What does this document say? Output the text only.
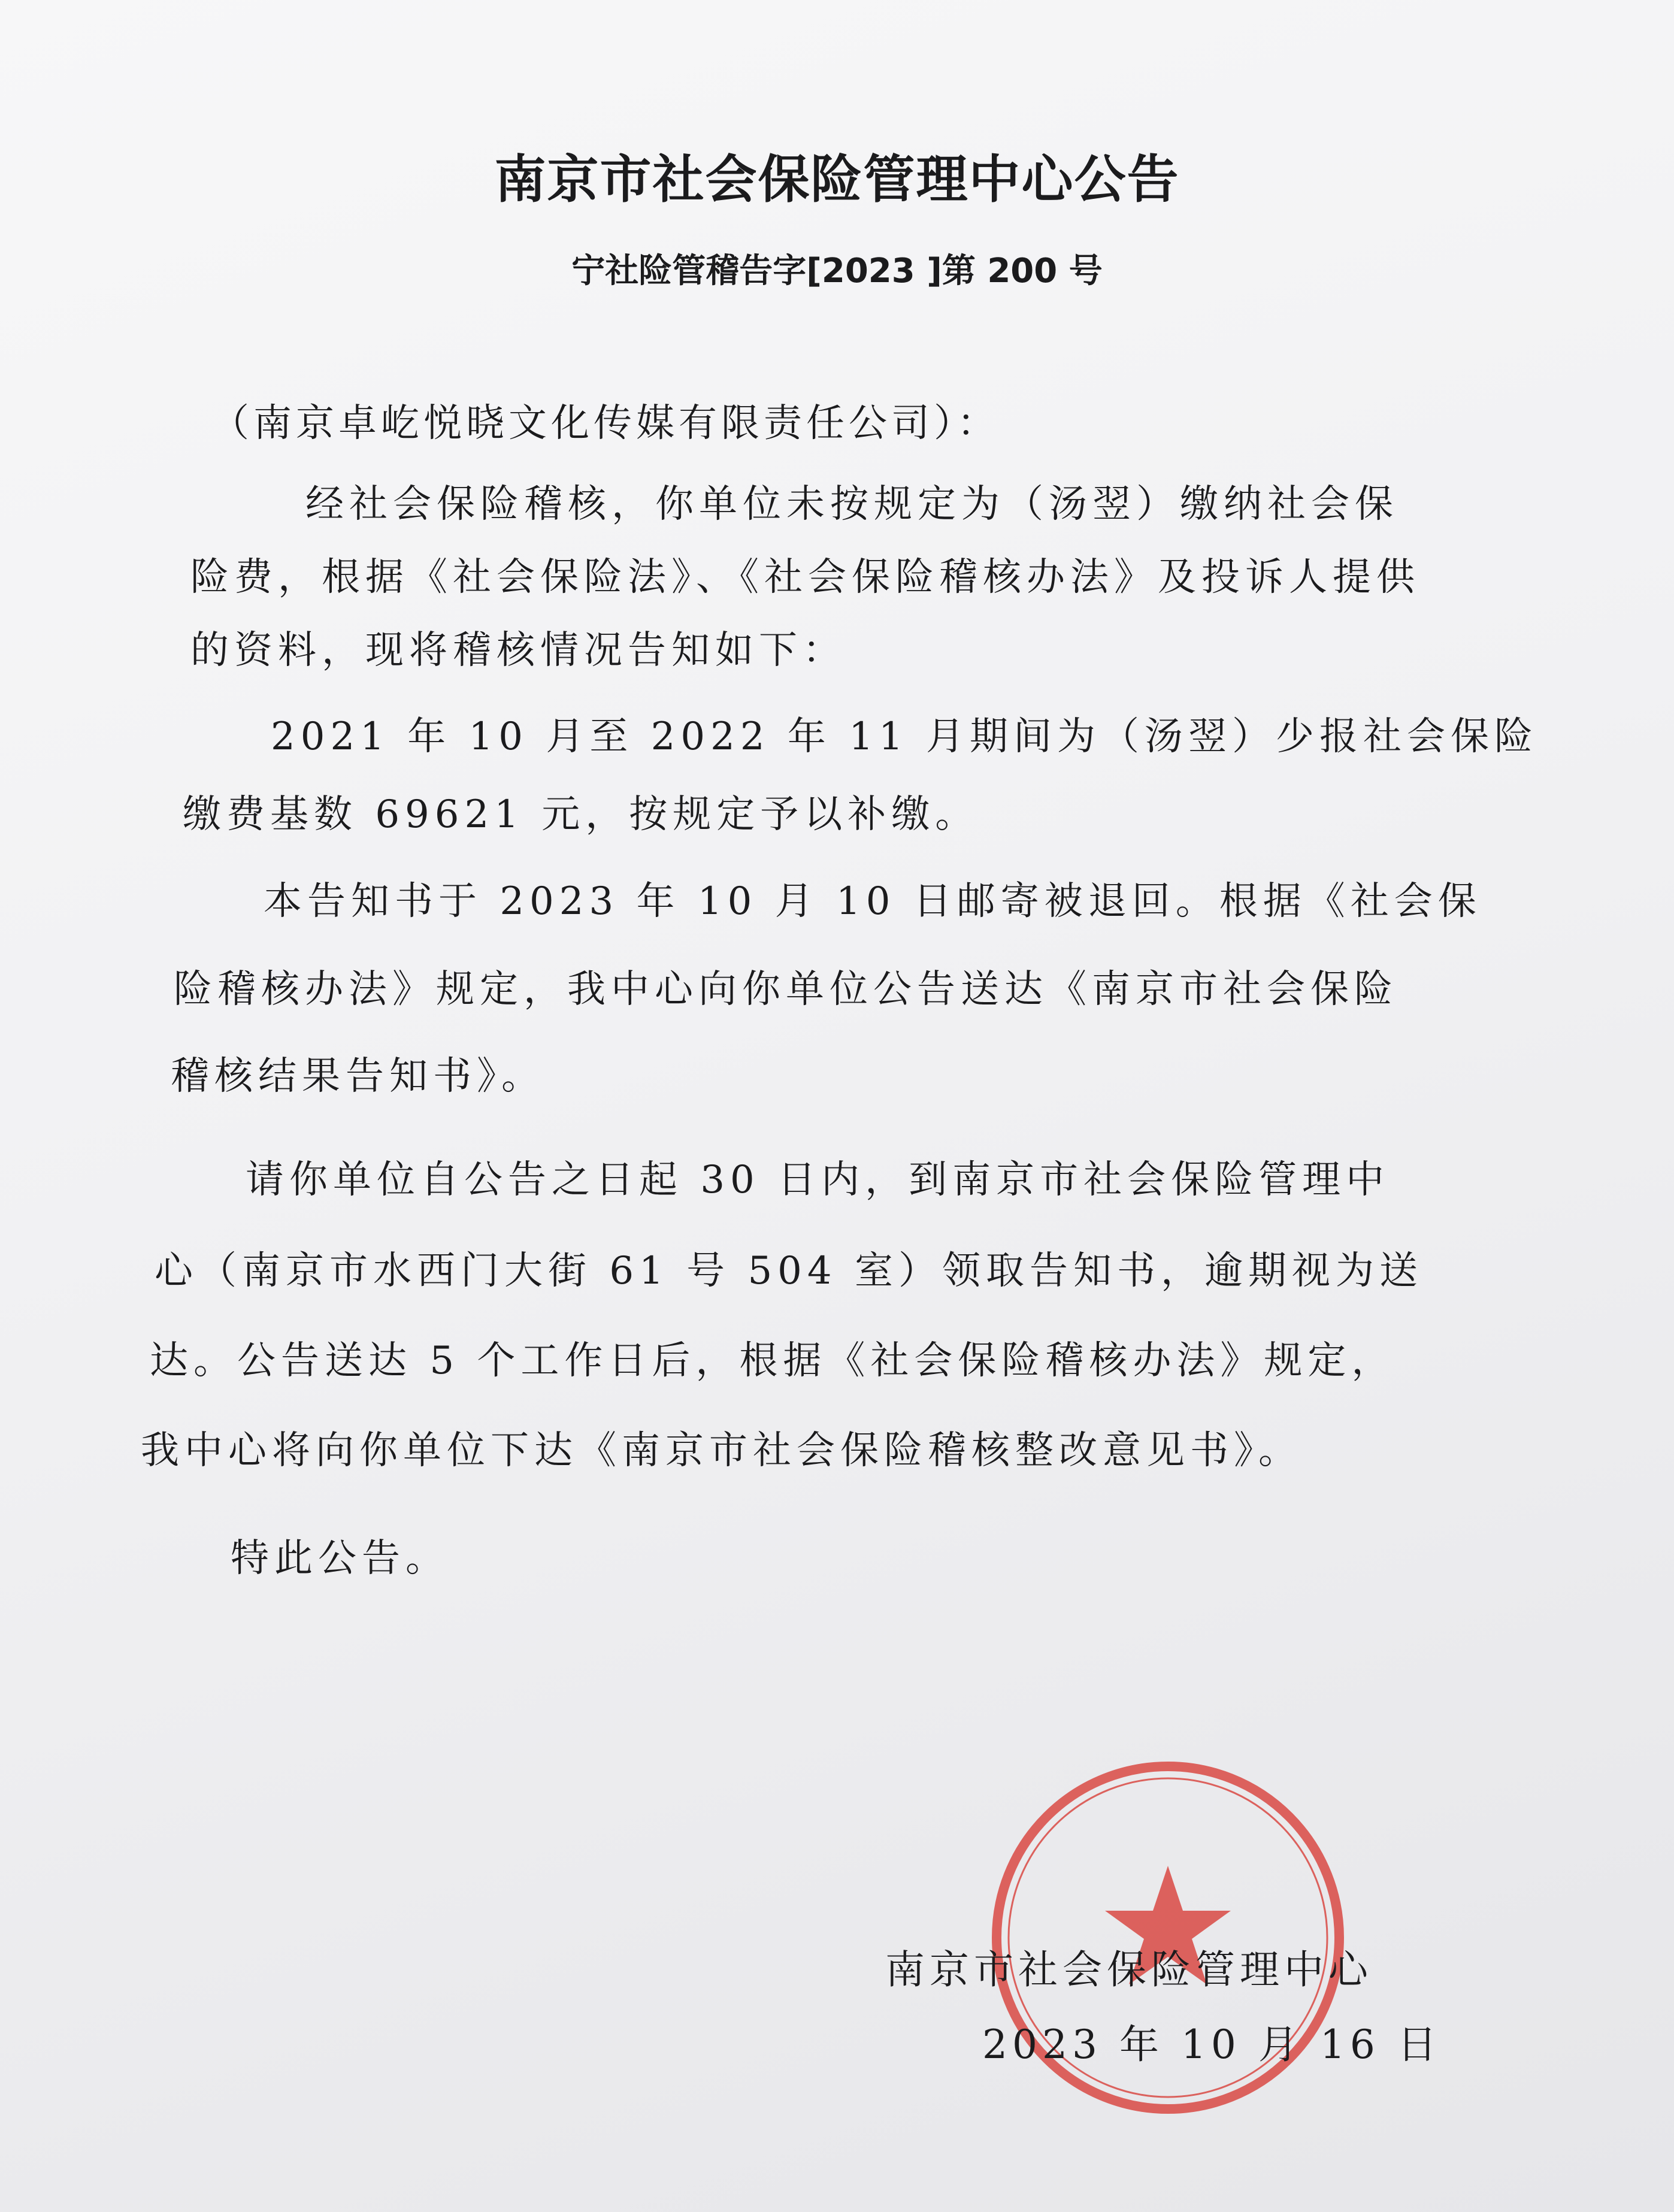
南京市社会保险管理中心公告
宁社险管稽告字[2023 ]第 200 号
（南京卓屹悦晓文化传媒有限责任公司）：
经社会保险稽核，你单位未按规定为（汤翌）缴纳社会保
险费，根据《社会保险法》、《社会保险稽核办法》及投诉人提供
的资料，现将稽核情况告知如下：
2021 年 10 月至 2022 年 11 月期间为（汤翌）少报社会保险
缴费基数 69621 元，按规定予以补缴。
本告知书于 2023 年 10 月 10 日邮寄被退回。根据《社会保
险稽核办法》规定，我中心向你单位公告送达《南京市社会保险
稽核结果告知书》。
请你单位自公告之日起 30 日内，到南京市社会保险管理中
心（南京市水西门大街 61 号 504 室）领取告知书，逾期视为送
达。公告送达 5 个工作日后，根据《社会保险稽核办法》规定，
我中心将向你单位下达《南京市社会保险稽核整改意见书》。
特此公告。
南京市社会保险管理中心
2023 年 10 月 16 日
